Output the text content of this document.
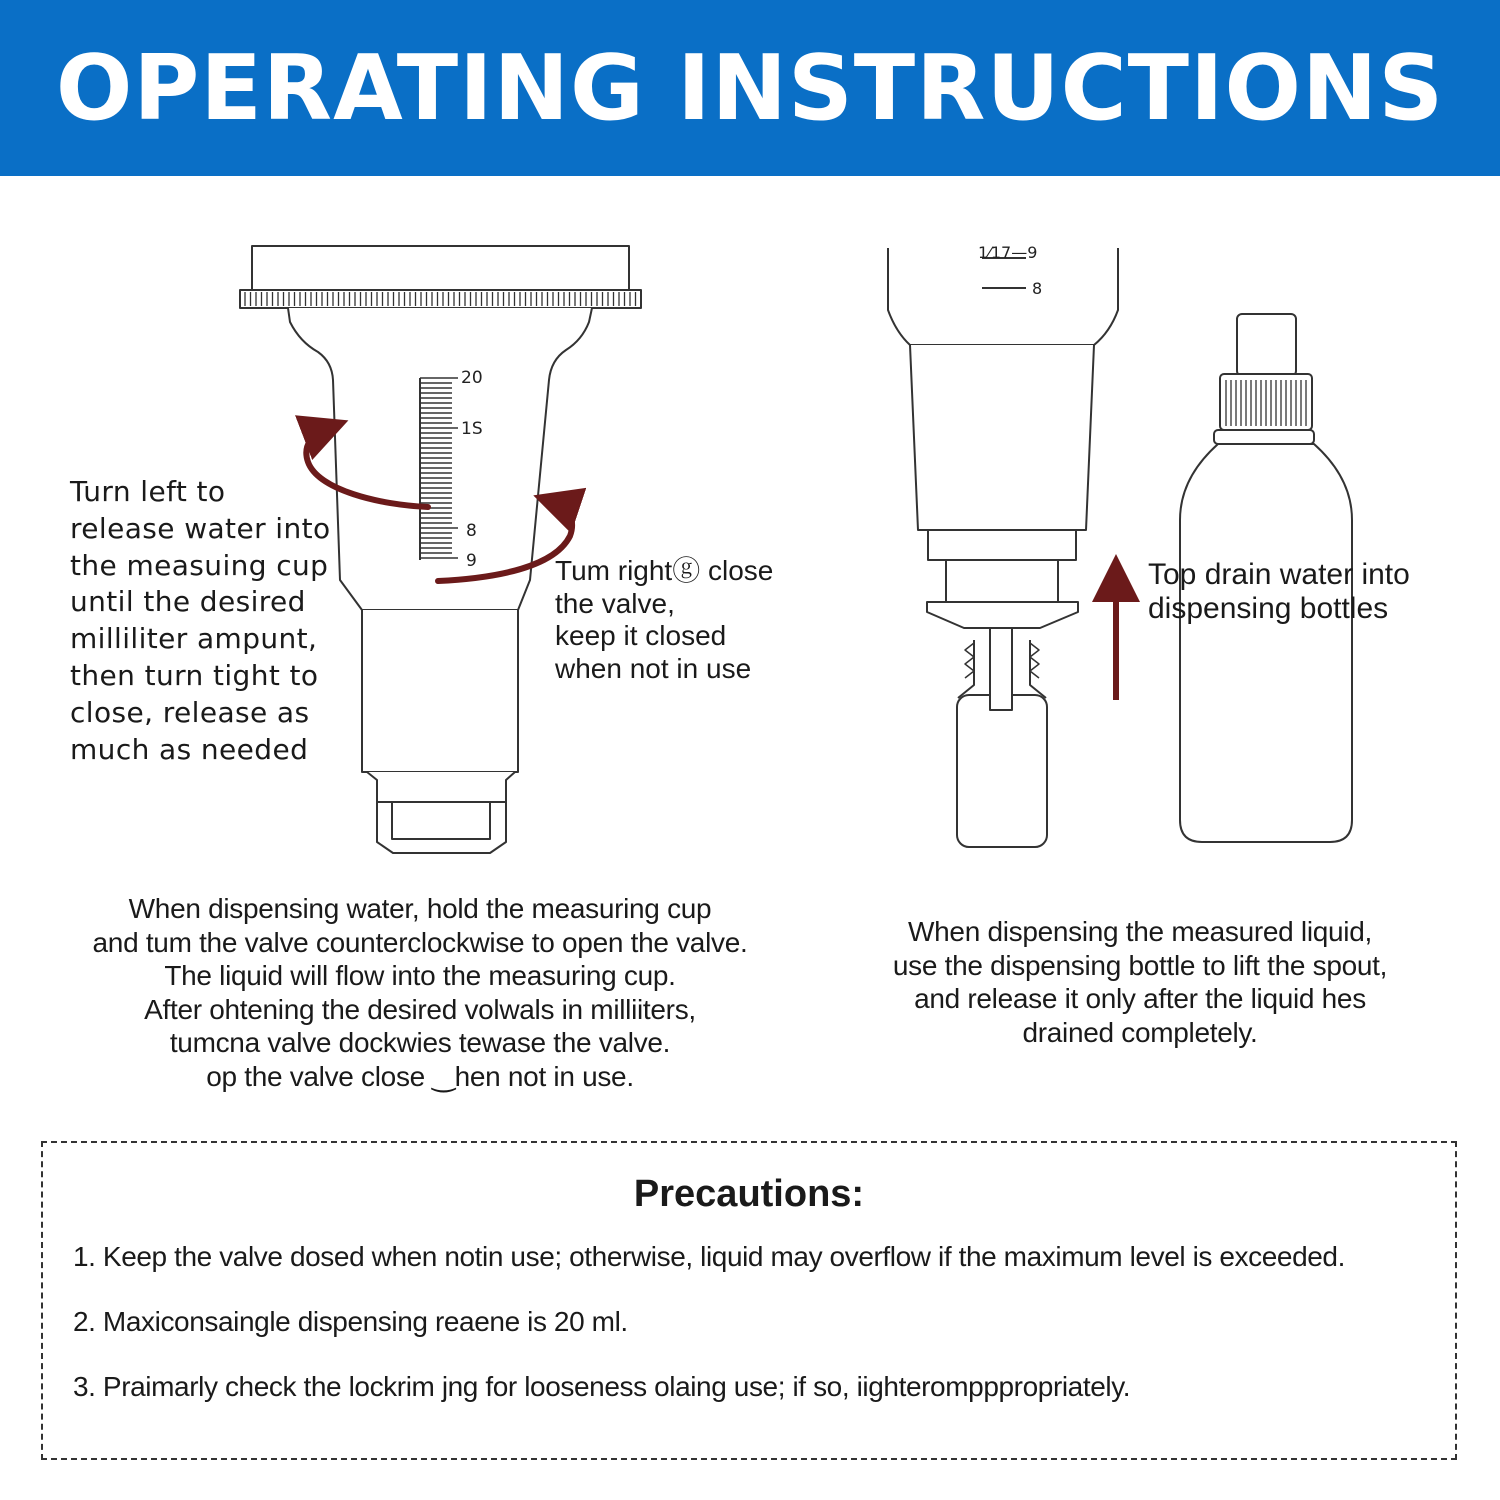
OPERATING INSTRUCTIONS
20
1S
8
9
1⁄17—9
8
Turn left to
release water into
the measuing cup
until the desired
milliliter ampunt,
then turn tight to
close, release as
much as needed
Tum rightⓖ close
the valve,
keep it closed
when not in use
Top drain water into
dispensing bottles
When dispensing water, hold the measuring cup
and tum the valve counterclockwise to open the valve.
The liquid will flow into the measuring cup.
After ohtening the desired volwals in milliiters,
tumcna valve dockwies tewase the valve.
op the valve close ‿hen not in use.
When dispensing the measured liquid,
use the dispensing bottle to lift the spout,
and release it only after the liquid hes
drained completely.
Precautions:

1. Keep the valve dosed when notin use; otherwise, liquid may overflow if the maximum level is exceeded.

2. Maxiconsaingle dispensing reaene is 20 ml.

3. Praimarly check the lockrim jng for looseness olaing use; if so, iighterompppropriately.
